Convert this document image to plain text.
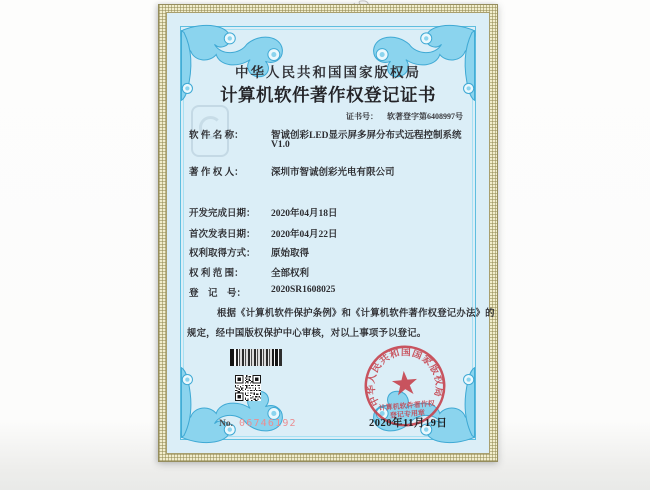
中华人民共和国国家版权局
计算机软件著作权登记证书
证书号： 软著登字第6408997号
软 件 名 称：	智诚创彩LED显示屏多屏分布式远程控制系统
V1.0
著 作 权 人：	深圳市智诚创彩光电有限公司
开发完成日期： 2020年04月18日
首次发表日期： 2020年04月22日
权利取得方式： 原始取得
权 利 范 围：	全部权利
登　记　号：	2020SR1608025
根据《计算机软件保护条例》和《计算机软件著作权登记办法》的
规定，经中国版权保护中心审核，对以上事项予以登记。
No. 06746192
中华人民共和国国家版权局
计算机软件著作权
登记专用章
2020年11月19日
